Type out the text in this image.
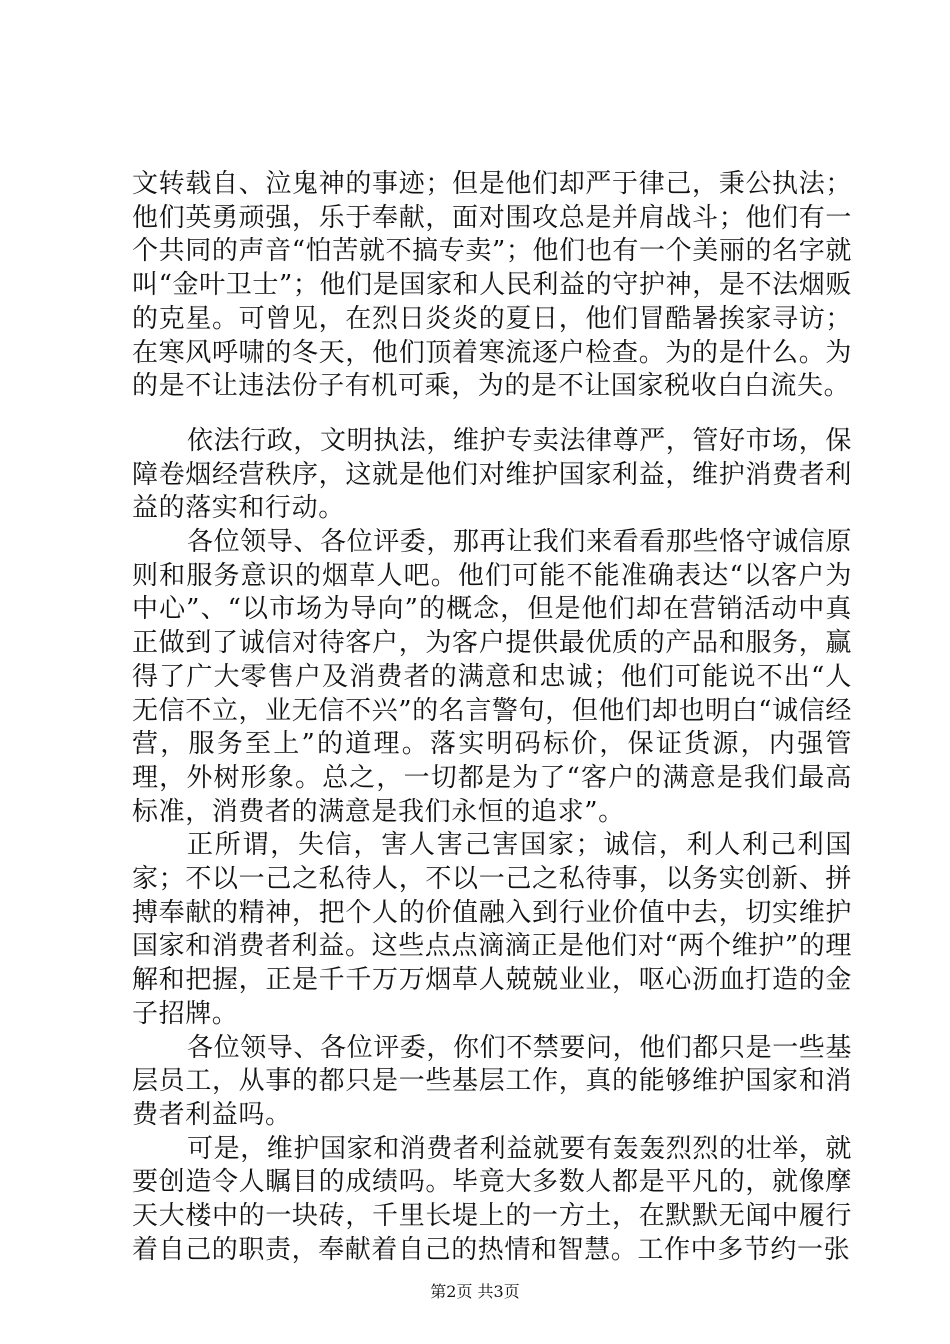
文转载自、泣鬼神的事迹；但是他们却严于律己，秉公执法；他们英勇顽强，乐于奉献，面对围攻总是并肩战斗；他们有一个共同的声音“怕苦就不搞专卖”；他们也有一个美丽的名字就叫“金叶卫士”；他们是国家和人民利益的守护神，是不法烟贩的克星。可曾见，在烈日炎炎的夏日，他们冒酷暑挨家寻访；在寒风呼啸的冬天，他们顶着寒流逐户检查。为的是什么。为的是不让违法份子有机可乘，为的是不让国家税收白白流失。

依法行政，文明执法，维护专卖法律尊严，管好市场，保障卷烟经营秩序，这就是他们对维护国家利益，维护消费者利益的落实和行动。

各位领导、各位评委，那再让我们来看看那些恪守诚信原则和服务意识的烟草人吧。他们可能不能准确表达“以客户为中心”、“以市场为导向”的概念，但是他们却在营销活动中真正做到了诚信对待客户，为客户提供最优质的产品和服务，赢得了广大零售户及消费者的满意和忠诚；他们可能说不出“人无信不立，业无信不兴”的名言警句，但他们却也明白“诚信经营，服务至上”的道理。落实明码标价，保证货源，内强管理，外树形象。总之，一切都是为了“客户的满意是我们最高标准，消费者的满意是我们永恒的追求”。

正所谓，失信，害人害己害国家；诚信，利人利己利国家；不以一己之私待人，不以一己之私待事，以务实创新、拼搏奉献的精神，把个人的价值融入到行业价值中去，切实维护国家和消费者利益。这些点点滴滴正是他们对“两个维护”的理解和把握，正是千千万万烟草人兢兢业业，呕心沥血打造的金子招牌。

各位领导、各位评委，你们不禁要问，他们都只是一些基层员工，从事的都只是一些基层工作，真的能够维护国家和消费者利益吗。

可是，维护国家和消费者利益就要有轰轰烈烈的壮举，就要创造令人瞩目的成绩吗。毕竟大多数人都是平凡的，就像摩天大楼中的一块砖，千里长堤上的一方土，在默默无闻中履行着自己的职责，奉献着自己的热情和智慧。工作中多节约一张

第2页 共3页
